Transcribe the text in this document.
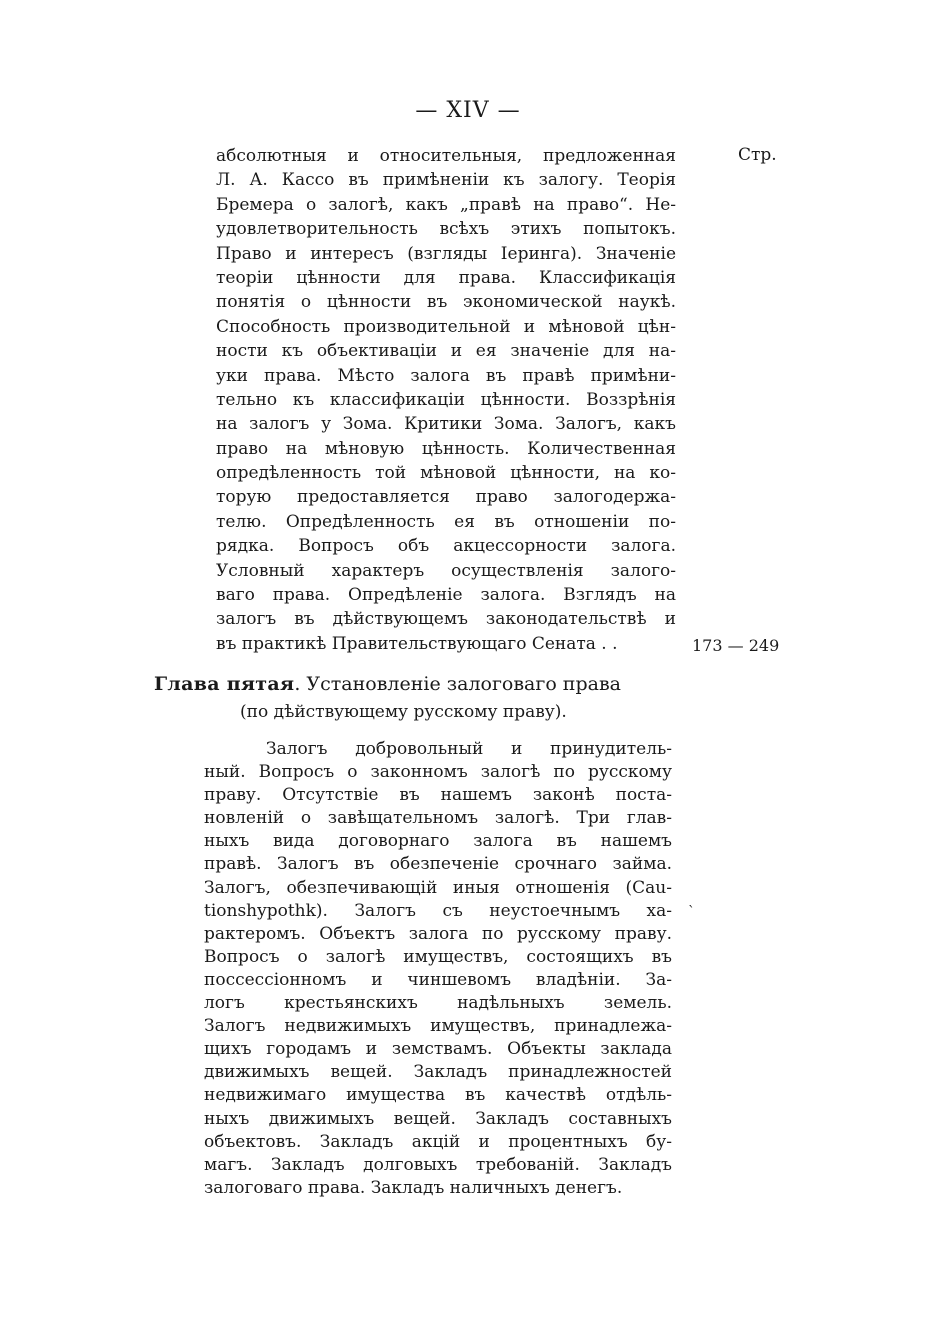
— XIV —
Стр.
абсолютныя и относительныя, предложенная
Л. А. Кассо въ примѣненіи къ залогу. Теорія
Бремера о залогѣ, какъ „правѣ на право“. Не-
удовлетворительность всѣхъ этихъ попытокъ.
Право и интересъ (взгляды Іеринга). Значеніе
теоріи цѣнности для права. Классификація
понятія о цѣнности въ экономической наукѣ.
Способность производительной и мѣновой цѣн-
ности къ объективаціи и ея значеніе для на-
уки права. Мѣсто залога въ правѣ примѣни-
тельно къ классификаціи цѣнности. Воззрѣнія
на залогъ у Зома. Критики Зома. Залогъ, какъ
право на мѣновую цѣнность. Количественная
опредѣленность той мѣновой цѣнности, на ко-
торую предоставляется право залогодержа-
телю. Опредѣленность ея въ отношеніи по-
рядка. Вопросъ объ акцессорности залога.
Условный характеръ осуществленія залого-
ваго права. Опредѣленіе залога. Взглядъ на
залогъ въ дѣйствующемъ законодательствѣ и
въ практикѣ Правительствующаго Сената . .	173 — 249
Глава пятая. Установленіе залоговаго права
(по дѣйствующему русскому праву).
Залогъ добровольный и принудитель-
ный. Вопросъ о законномъ залогѣ по русскому
праву. Отсутствіе въ нашемъ законѣ поста-
новленій о завѣщательномъ залогѣ. Три глав-
ныхъ вида договорнаго залога въ нашемъ
правѣ. Залогъ въ обезпеченіе срочнаго займа.
Залогъ, обезпечивающій иныя отношенія (Cau-
tionshypothk). Залогъ съ неустоечнымъ ха-
рактеромъ. Объектъ залога по русскому праву.
Вопросъ о залогѣ имуществъ, состоящихъ въ
поссессіонномъ и чиншевомъ владѣніи. За-
логъ крестьянскихъ надѣльныхъ земель.
Залогъ недвижимыхъ имуществъ, принадлежа-
щихъ городамъ и земствамъ. Объекты заклада
движимыхъ вещей. Закладъ принадлежностей
недвижимаго имущества въ качествѣ отдѣль-
ныхъ движимыхъ вещей. Закладъ составныхъ
объектовъ. Закладъ акцій и процентныхъ бу-
магъ. Закладъ долговыхъ требованій. Закладъ
залоговаго права. Закладъ наличныхъ денегъ.
ˋ
